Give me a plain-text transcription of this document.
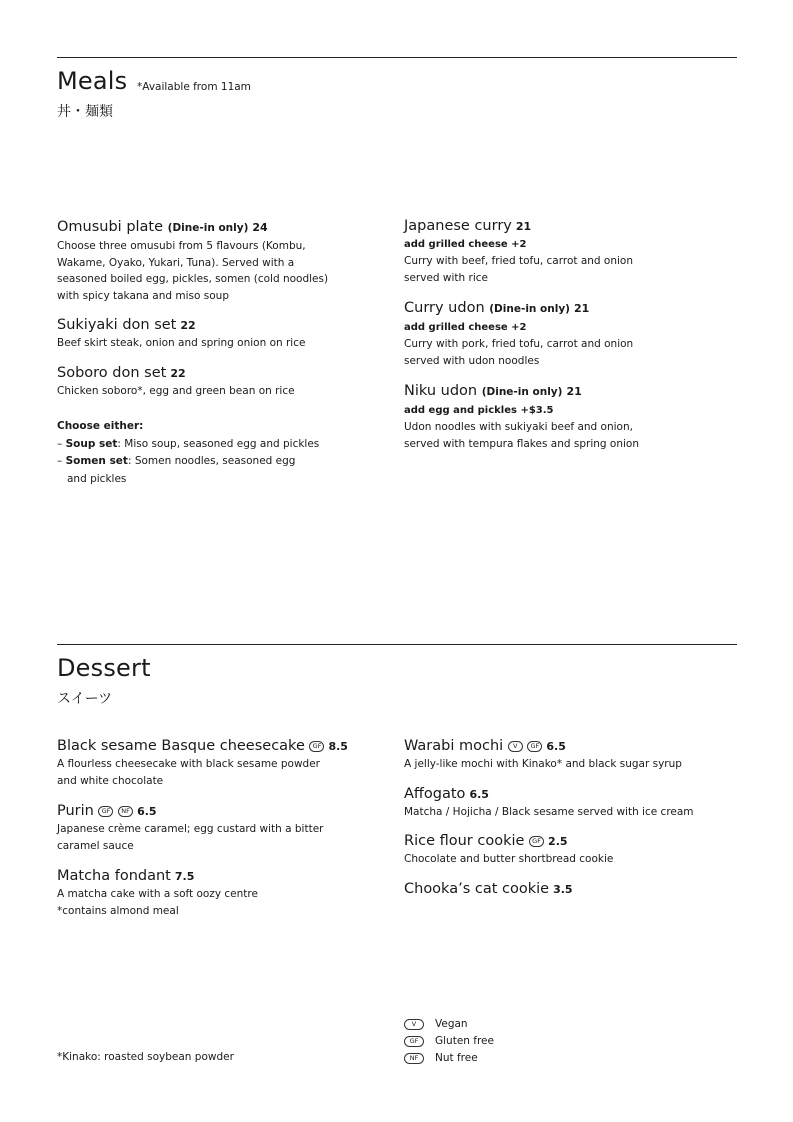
Meals *Available from 11am
丼・麺類
Omusubi plate (Dine-in only) 24
Choose three omusubi from 5 flavours (Kombu,
Wakame, Oyako, Yukari, Tuna). Served with a
seasoned boiled egg, pickles, somen (cold noodles)
with spicy takana and miso soup
Sukiyaki don set 22
Beef skirt steak, onion and spring onion on rice
Soboro don set 22
Chicken soboro*, egg and green bean on rice
Choose either:
– Soup set: Miso soup, seasoned egg and pickles
– Somen set: Somen noodles, seasoned egg
and pickles
Japanese curry 21
add grilled cheese +2
Curry with beef, fried tofu, carrot and onion
served with rice
Curry udon (Dine-in only) 21
add grilled cheese +2
Curry with pork, fried tofu, carrot and onion
served with udon noodles
Niku udon (Dine-in only) 21
add egg and pickles +$3.5
Udon noodles with sukiyaki beef and onion,
served with tempura flakes and spring onion
Dessert
スイーツ
Black sesame Basque cheesecake GF 8.5
A flourless cheesecake with black sesame powder
and white chocolate
Purin GF NF 6.5
Japanese crème caramel; egg custard with a bitter
caramel sauce
Matcha fondant 7.5
A matcha cake with a soft oozy centre
*contains almond meal
Warabi mochi V GF 6.5
A jelly-like mochi with Kinako* and black sugar syrup
Affogato 6.5
Matcha / Hojicha / Black sesame served with ice cream
Rice flour cookie GF 2.5
Chocolate and butter shortbread cookie
Chooka’s cat cookie 3.5
V Vegan
GF Gluten free
NF Nut free
*Kinako: roasted soybean powder
